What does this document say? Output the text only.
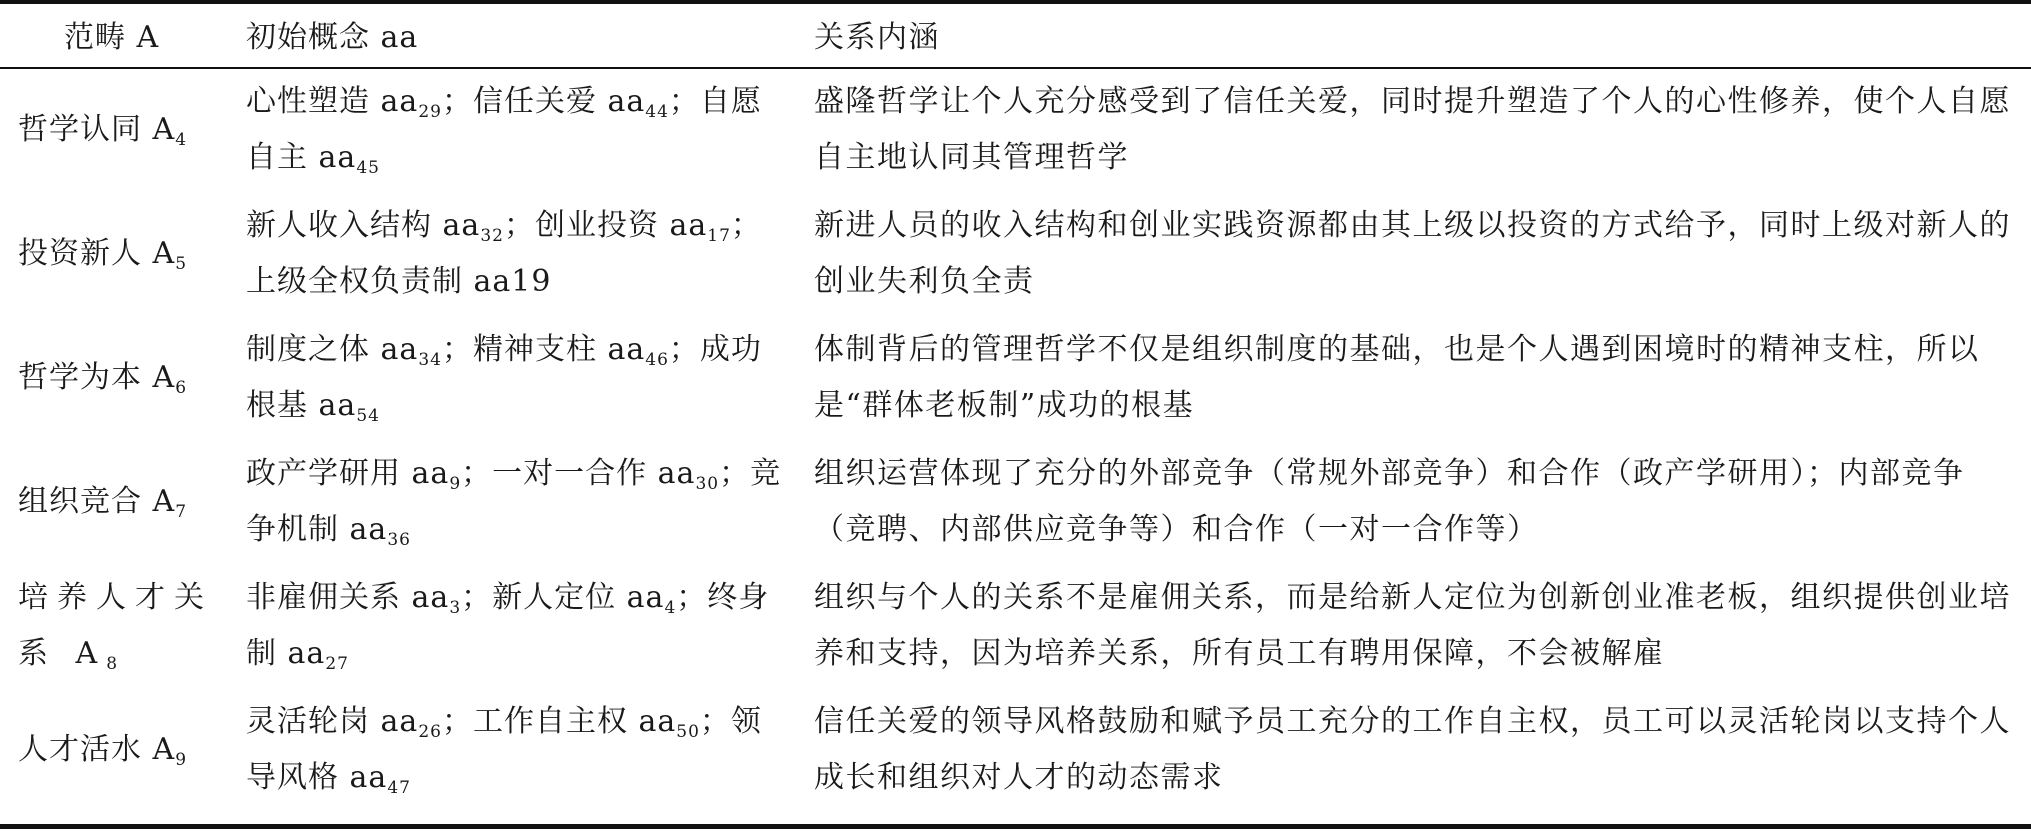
范畴 A	初始概念 aa	关系内涵
哲学认同 $A_4$
心性塑造 $aa_{29}$；信任关爱 $aa_{44}$；自愿自主 $aa_{45}$
盛隆哲学让个人充分感受到了信任关爱，同时提升塑造了个人的心性修养，使个人自愿自主地认同其管理哲学
投资新人 $A_5$
新人收入结构 $aa_{32}$；创业投资 $aa_{17}$；上级全权负责制 aa19
新进人员的收入结构和创业实践资源都由其上级以投资的方式给予，同时上级对新人的创业失利负全责
哲学为本 $A_6$
制度之体 $aa_{34}$；精神支柱 $aa_{46}$；成功根基 $aa_{54}$
体制背后的管理哲学不仅是组织制度的基础，也是个人遇到困境时的精神支柱，所以是“群体老板制”成功的根基
组织竞合 $A_7$
政产学研用 $aa_9$；一对一合作 $aa_{30}$；竞争机制 $aa_{36}$
组织运营体现了充分的外部竞争（常规外部竞争）和合作（政产学研用）；内部竞争（竞聘、内部供应竞争等）和合作（一对一合作等）
培养人才关系 $A_8$
非雇佣关系 $aa_3$；新人定位 $aa_4$；终身制 $aa_{27}$
组织与个人的关系不是雇佣关系，而是给新人定位为创新创业准老板，组织提供创业培养和支持，因为培养关系，所有员工有聘用保障，不会被解雇
人才活水 $A_9$
灵活轮岗 $aa_{26}$；工作自主权 $aa_{50}$；领导风格 $aa_{47}$
信任关爱的领导风格鼓励和赋予员工充分的工作自主权，员工可以灵活轮岗以支持个人成长和组织对人才的动态需求
